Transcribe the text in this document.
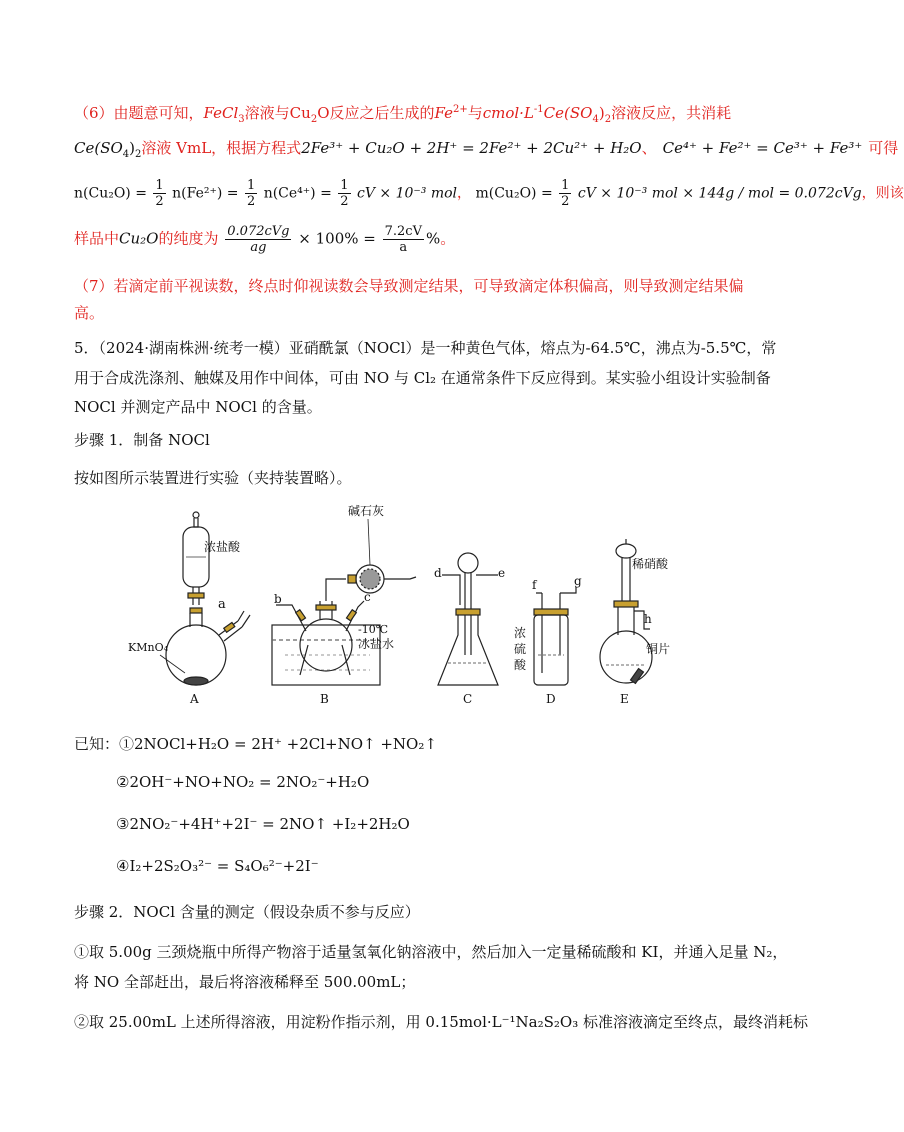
（6）由题意可知，FeCl$_3$溶液与$Cu_2O$反应之后生成的$Fe^{2+}$与$cmol\cdot L^{-1}Ce(SO_4)_2$溶液反应，共消耗
$Ce(SO_4)_2$溶液 VmL，根据方程式2Fe³⁺ + Cu₂O + 2H⁺ = 2Fe²⁺ + 2Cu²⁺ + H₂O、 Ce⁴⁺ + Fe²⁺ = Ce³⁺ + Fe³⁺ 可得
$n(Cu_2O) = \frac{1}{2} n(Fe^{2+}) = \frac{1}{2} n(Ce^{4+}) = \frac{1}{2}$ cV × 10⁻³ mol， $m(Cu_2O) = \frac{1}{2}$ cV × 10⁻³ mol × 144g / mol = 0.072cVg，则该
样品中Cu₂O的纯度为 $\frac{\text{0.072cVg}}{ag} \times 100\% = \frac{7.2cV}{a}$ %。
（7）若滴定前平视读数，终点时仰视读数会导致测定结果，可导致滴定体积偏高，则导致测定结果偏
高。
5．（2024·湖南株洲·统考一模）亚硝酰氯（NOCl）是一种黄色气体，熔点为-64.5℃，沸点为-5.5℃，常
用于合成洗涤剂、触媒及用作中间体，可由 NO 与 Cl₂ 在通常条件下反应得到。某实验小组设计实验制备
NOCl 并测定产品中 NOCl 的含量。
步骤 1．制备 NOCl
按如图所示装置进行实验（夹持装置略）。
a
浓盐酸
KMnO₄
A
b	c
碱石灰
-10℃
冰盐水
B
d	e
C
f	g
浓
硫
酸
D
稀硝酸
h
铜片
E
已知：①2NOCl+H₂O = 2H⁺ +2Cl+NO↑ +NO₂↑
②2OH⁻+NO+NO₂ = 2NO₂⁻+H₂O
③2NO₂⁻+4H⁺+2I⁻ = 2NO↑ +I₂+2H₂O
④I₂+2S₂O₃²⁻ = S₄O₆²⁻+2I⁻
步骤 2．NOCl 含量的测定（假设杂质不参与反应）
①取 5.00g 三颈烧瓶中所得产物溶于适量氢氧化钠溶液中，然后加入一定量稀硫酸和 KI，并通入足量 N₂，
将 NO 全部赶出，最后将溶液稀释至 500.00mL；
②取 25.00mL 上述所得溶液，用淀粉作指示剂，用 0.15mol·L⁻¹Na₂S₂O₃ 标准溶液滴定至终点，最终消耗标
